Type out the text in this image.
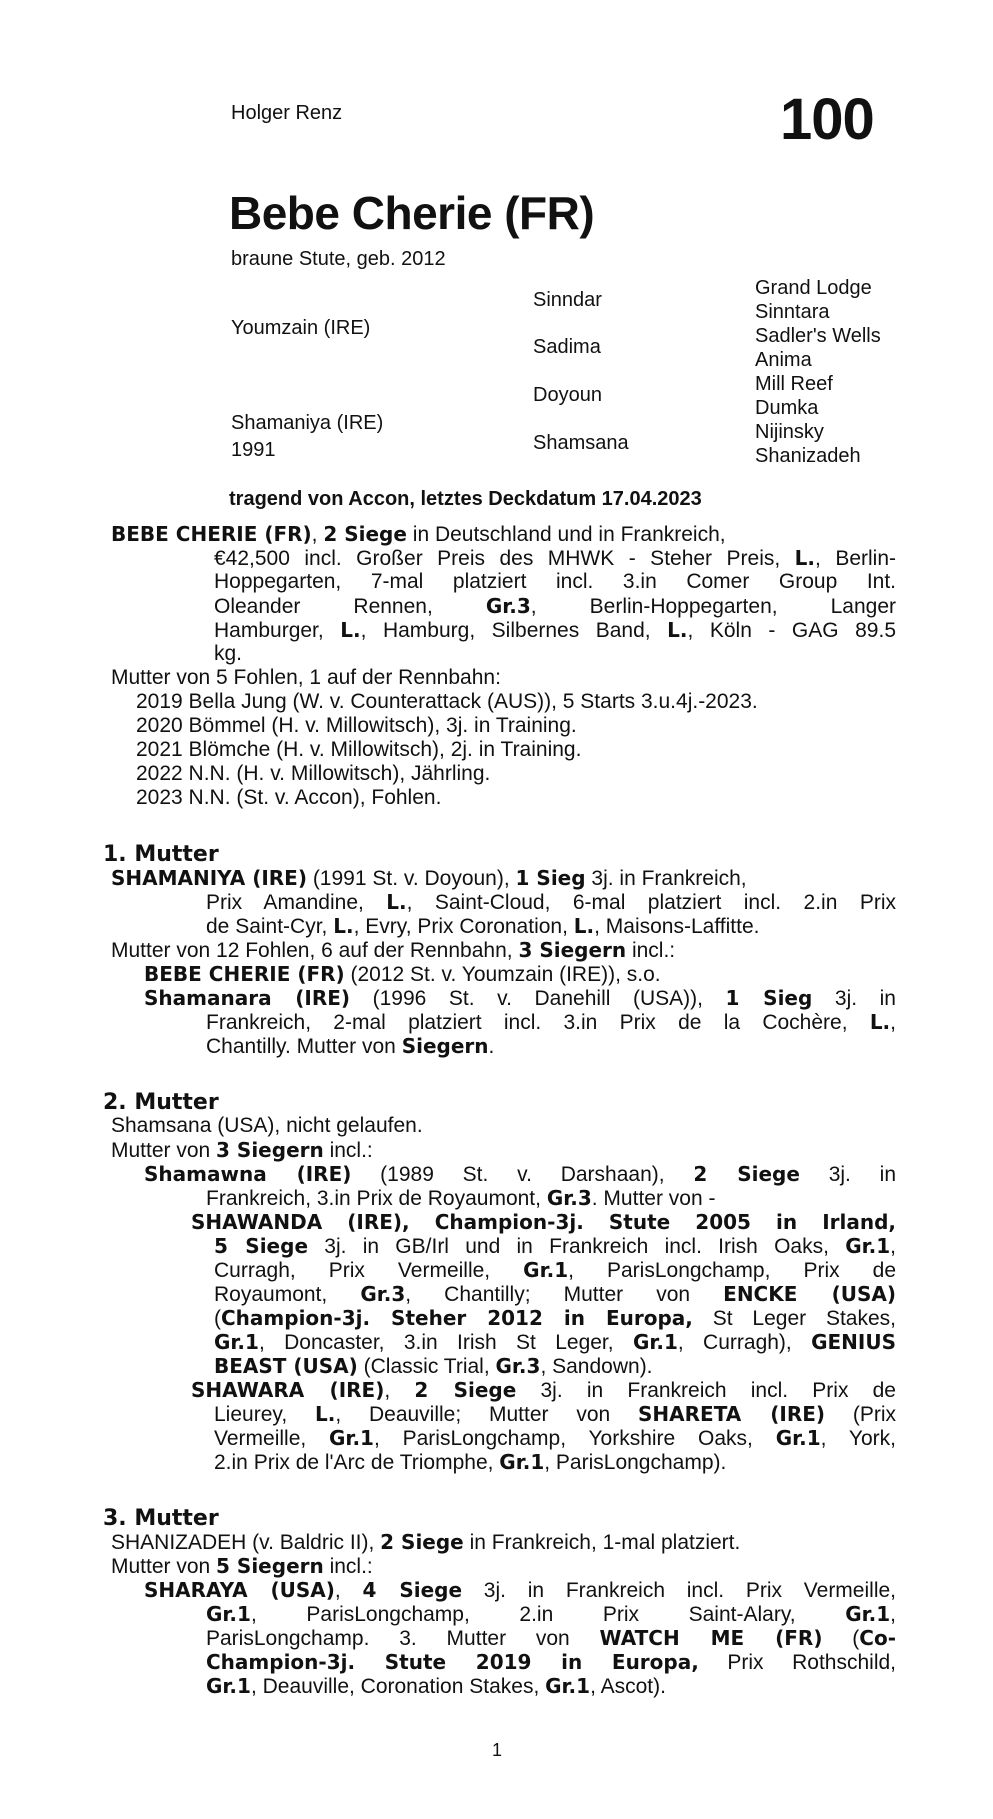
Holger Renz	100
Bebe Cherie (FR)
braune Stute, geb. 2012
Youmzain (IRE)
Shamaniya (IRE)
1991
Sinndar
Sadima
Doyoun
Shamsana
Grand Lodge
Sinntara
Sadler's Wells
Anima
Mill Reef
Dumka
Nijinsky
Shanizadeh
tragend von Accon, letztes Deckdatum 17.04.2023
BEBE CHERIE (FR), 2 Siege in Deutschland und in Frankreich,
€42,500 incl. Großer Preis des MHWK - Steher Preis, L., Berlin-
Hoppegarten, 7-mal platziert incl. 3.in Comer Group Int.
Oleander Rennen, Gr.3, Berlin-Hoppegarten, Langer
Hamburger, L., Hamburg, Silbernes Band, L., Köln - GAG 89.5
kg.
Mutter von 5 Fohlen, 1 auf der Rennbahn:
2019 Bella Jung (W. v. Counterattack (AUS)), 5 Starts 3.u.4j.-2023.
2020 Bömmel (H. v. Millowitsch), 3j. in Training.
2021 Blömche (H. v. Millowitsch), 2j. in Training.
2022 N.N. (H. v. Millowitsch), Jährling.
2023 N.N. (St. v. Accon), Fohlen.
1. Mutter
SHAMANIYA (IRE) (1991 St. v. Doyoun), 1 Sieg 3j. in Frankreich,
Prix Amandine, L., Saint-Cloud, 6-mal platziert incl. 2.in Prix
de Saint-Cyr, L., Evry, Prix Coronation, L., Maisons-Laffitte.
Mutter von 12 Fohlen, 6 auf der Rennbahn, 3 Siegern incl.:
BEBE CHERIE (FR) (2012 St. v. Youmzain (IRE)), s.o.
Shamanara (IRE) (1996 St. v. Danehill (USA)), 1 Sieg 3j. in
Frankreich, 2-mal platziert incl. 3.in Prix de la Cochère, L.,
Chantilly. Mutter von Siegern.
2. Mutter
Shamsana (USA), nicht gelaufen.
Mutter von 3 Siegern incl.:
Shamawna (IRE) (1989 St. v. Darshaan), 2 Siege 3j. in
Frankreich, 3.in Prix de Royaumont, Gr.3. Mutter von -
SHAWANDA (IRE), Champion-3j. Stute 2005 in Irland,
5 Siege 3j. in GB/Irl und in Frankreich incl. Irish Oaks, Gr.1,
Curragh, Prix Vermeille, Gr.1, ParisLongchamp, Prix de
Royaumont, Gr.3, Chantilly; Mutter von ENCKE (USA)
(Champion-3j. Steher 2012 in Europa, St Leger Stakes,
Gr.1, Doncaster, 3.in Irish St Leger, Gr.1, Curragh), GENIUS
BEAST (USA) (Classic Trial, Gr.3, Sandown).
SHAWARA (IRE), 2 Siege 3j. in Frankreich incl. Prix de
Lieurey, L., Deauville; Mutter von SHARETA (IRE) (Prix
Vermeille, Gr.1, ParisLongchamp, Yorkshire Oaks, Gr.1, York,
2.in Prix de l'Arc de Triomphe, Gr.1, ParisLongchamp).
3. Mutter
SHANIZADEH (v. Baldric II), 2 Siege in Frankreich, 1-mal platziert.
Mutter von 5 Siegern incl.:
SHARAYA (USA), 4 Siege 3j. in Frankreich incl. Prix Vermeille,
Gr.1, ParisLongchamp, 2.in Prix Saint-Alary, Gr.1,
ParisLongchamp. 3. Mutter von WATCH ME (FR) (Co-
Champion-3j. Stute 2019 in Europa, Prix Rothschild,
Gr.1, Deauville, Coronation Stakes, Gr.1, Ascot).
1
